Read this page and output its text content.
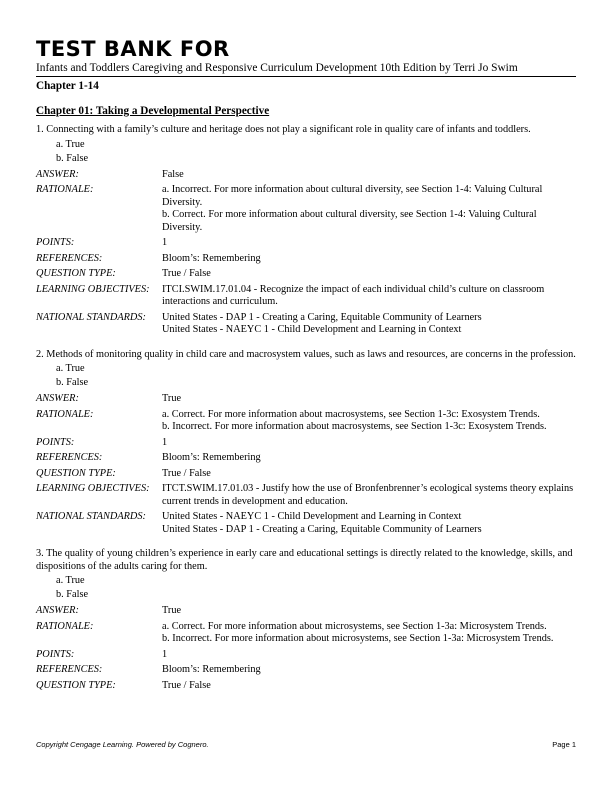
TEST BANK FOR
Infants and Toddlers Caregiving and Responsive Curriculum Development 10th Edition by Terri Jo Swim
Chapter 1-14
Chapter 01: Taking a Developmental Perspective
1. Connecting with a family’s culture and heritage does not play a significant role in quality care of infants and toddlers.
a. True
b. False
ANSWER:	False
RATIONALE:	a. Incorrect. For more information about cultural diversity, see Section 1-4: Valuing Cultural Diversity.
b. Correct. For more information about cultural diversity, see Section 1-4: Valuing Cultural Diversity.
POINTS:	1
REFERENCES:	Bloom’s: Remembering
QUESTION TYPE:	True / False
LEARNING OBJECTIVES:	ITCI.SWIM.17.01.04 - Recognize the impact of each individual child’s culture on classroom interactions and curriculum.
NATIONAL STANDARDS:	United States - DAP 1 - Creating a Caring, Equitable Community of Learners
United States - NAEYC 1 - Child Development and Learning in Context
2. Methods of monitoring quality in child care and macrosystem values, such as laws and resources, are concerns in the profession.
a. True
b. False
ANSWER:	True
RATIONALE:	a. Correct. For more information about macrosystems, see Section 1-3c: Exosystem Trends.
b. Incorrect. For more information about macrosystems, see Section 1-3c: Exosystem Trends.
POINTS:	1
REFERENCES:	Bloom’s: Remembering
QUESTION TYPE:	True / False
LEARNING OBJECTIVES:	ITCT.SWIM.17.01.03 - Justify how the use of Bronfenbrenner’s ecological systems theory explains current trends in development and education.
NATIONAL STANDARDS:	United States - NAEYC 1 - Child Development and Learning in Context
United States - DAP 1 - Creating a Caring, Equitable Community of Learners
3. The quality of young children’s experience in early care and educational settings is directly related to the knowledge, skills, and dispositions of the adults caring for them.
a. True
b. False
ANSWER:	True
RATIONALE:	a. Correct. For more information about microsystems, see Section 1-3a: Microsystem Trends.
b. Incorrect. For more information about microsystems, see Section 1-3a: Microsystem Trends.
POINTS:	1
REFERENCES:	Bloom’s: Remembering
QUESTION TYPE:	True / False
Copyright Cengage Learning. Powered by Cognero.	Page 1
